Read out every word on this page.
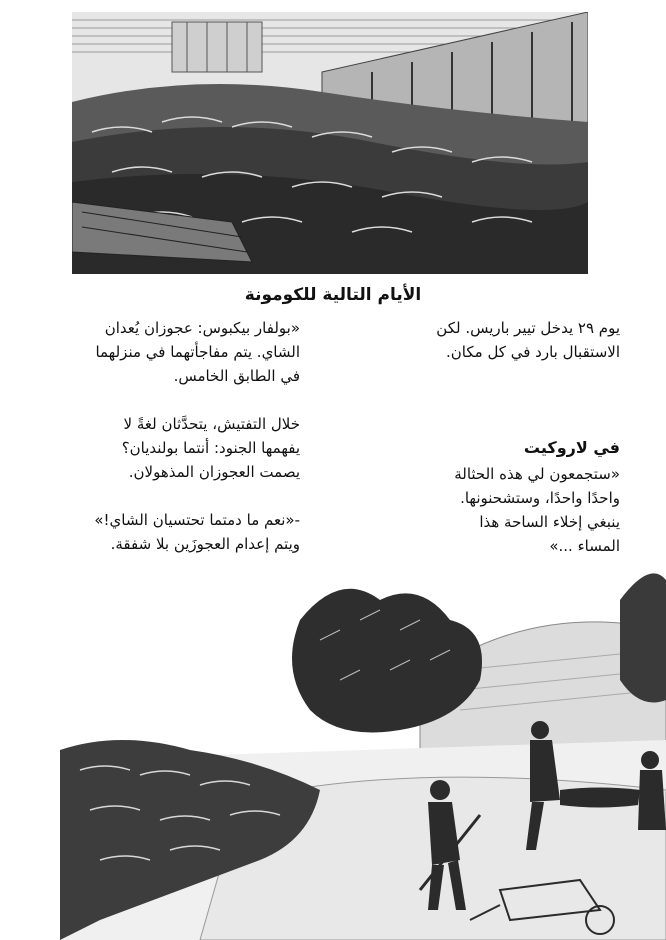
الأيام التالية للكومونة

يوم ٢٩ يدخل تيير باريس. لكن
الاستقبال بارد في كل مكان.

«بولفار بيكبوس: عجوزان يُعدان
الشاي. يتم مفاجأتهما في منزلهما
في الطابق الخامس.

خلال التفتيش، يتحدَّثان لغةً لا
يفهمها الجنود: أنتما بولنديان؟
يصمت العجوزان المذهولان.

-«نعم ما دمتما تحتسيان الشاي!»
ويتم إعدام العجوزَين بلا شفقة.

في لاروكيت

«ستجمعون لي هذه الحثالة
واحدًا واحدًا، وستشحنونها.
ينبغي إخلاء الساحة هذا
المساء ...»
